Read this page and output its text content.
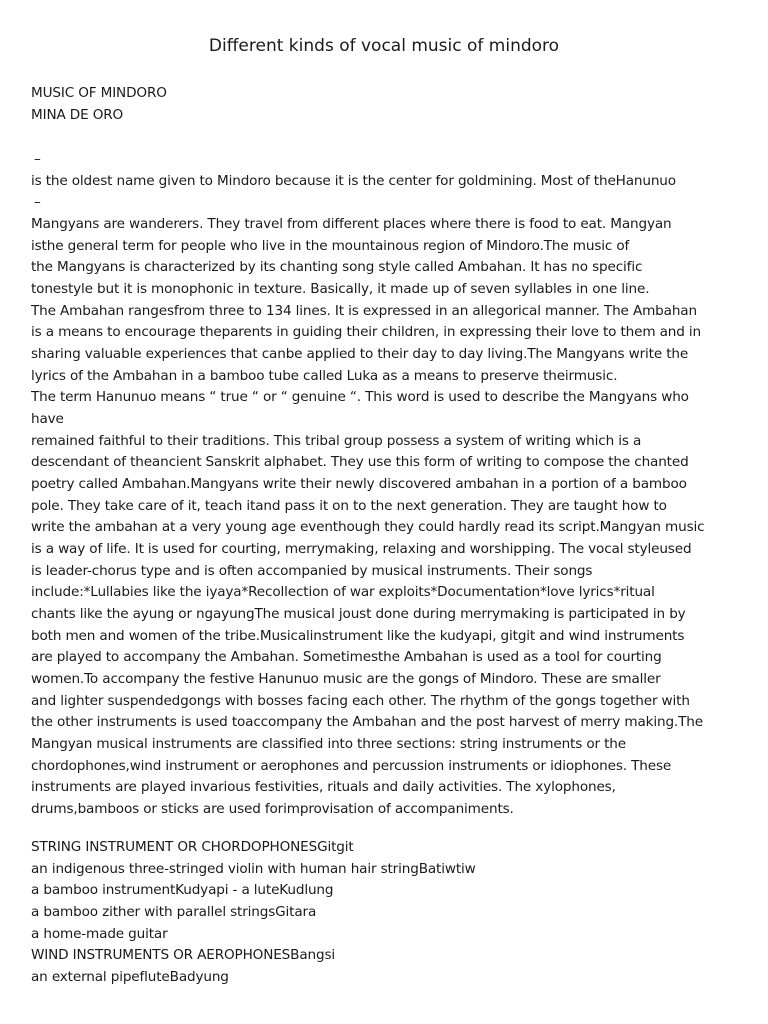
Different kinds of vocal music of mindoro
MUSIC OF MINDORO
MINA DE ORO
–
is the oldest name given to Mindoro because it is the center for goldmining. Most of theHanunuo
–
Mangyans are wanderers. They travel from different places where there is food to eat. Mangyan
isthe general term for people who live in the mountainous region of Mindoro.The music of
the Mangyans is characterized by its chanting song style called Ambahan. It has no specific
tonestyle but it is monophonic in texture. Basically, it made up of seven syllables in one line.
The Ambahan rangesfrom three to 134 lines. It is expressed in an allegorical manner. The Ambahan
is a means to encourage theparents in guiding their children, in expressing their love to them and in
sharing valuable experiences that canbe applied to their day to day living.The Mangyans write the
lyrics of the Ambahan in a bamboo tube called Luka as a means to preserve theirmusic.
The term Hanunuo means “ true “ or “ genuine “. This word is used to describe the Mangyans who
have
remained faithful to their traditions. This tribal group possess a system of writing which is a
descendant of theancient Sanskrit alphabet. They use this form of writing to compose the chanted
poetry called Ambahan.Mangyans write their newly discovered ambahan in a portion of a bamboo
pole. They take care of it, teach itand pass it on to the next generation. They are taught how to
write the ambahan at a very young age eventhough they could hardly read its script.Mangyan music
is a way of life. It is used for courting, merrymaking, relaxing and worshipping. The vocal styleused
is leader-chorus type and is often accompanied by musical instruments. Their songs
include:*Lullabies like the iyaya*Recollection of war exploits*Documentation*love lyrics*ritual
chants like the ayung or ngayungThe musical joust done during merrymaking is participated in by
both men and women of the tribe.Musicalinstrument like the kudyapi, gitgit and wind instruments
are played to accompany the Ambahan. Sometimesthe Ambahan is used as a tool for courting
women.To accompany the festive Hanunuo music are the gongs of Mindoro. These are smaller
and lighter suspendedgongs with bosses facing each other. The rhythm of the gongs together with
the other instruments is used toaccompany the Ambahan and the post harvest of merry making.The
Mangyan musical instruments are classified into three sections: string instruments or the
chordophones,wind instrument or aerophones and percussion instruments or idiophones. These
instruments are played invarious festivities, rituals and daily activities. The xylophones,
drums,bamboos or sticks are used forimprovisation of accompaniments.
STRING INSTRUMENT OR CHORDOPHONESGitgit
an indigenous three-stringed violin with human hair stringBatiwtiw
a bamboo instrumentKudyapi - a luteKudlung
a bamboo zither with parallel stringsGitara
a home-made guitar
WIND INSTRUMENTS OR AEROPHONESBangsi
an external pipefluteBadyung
